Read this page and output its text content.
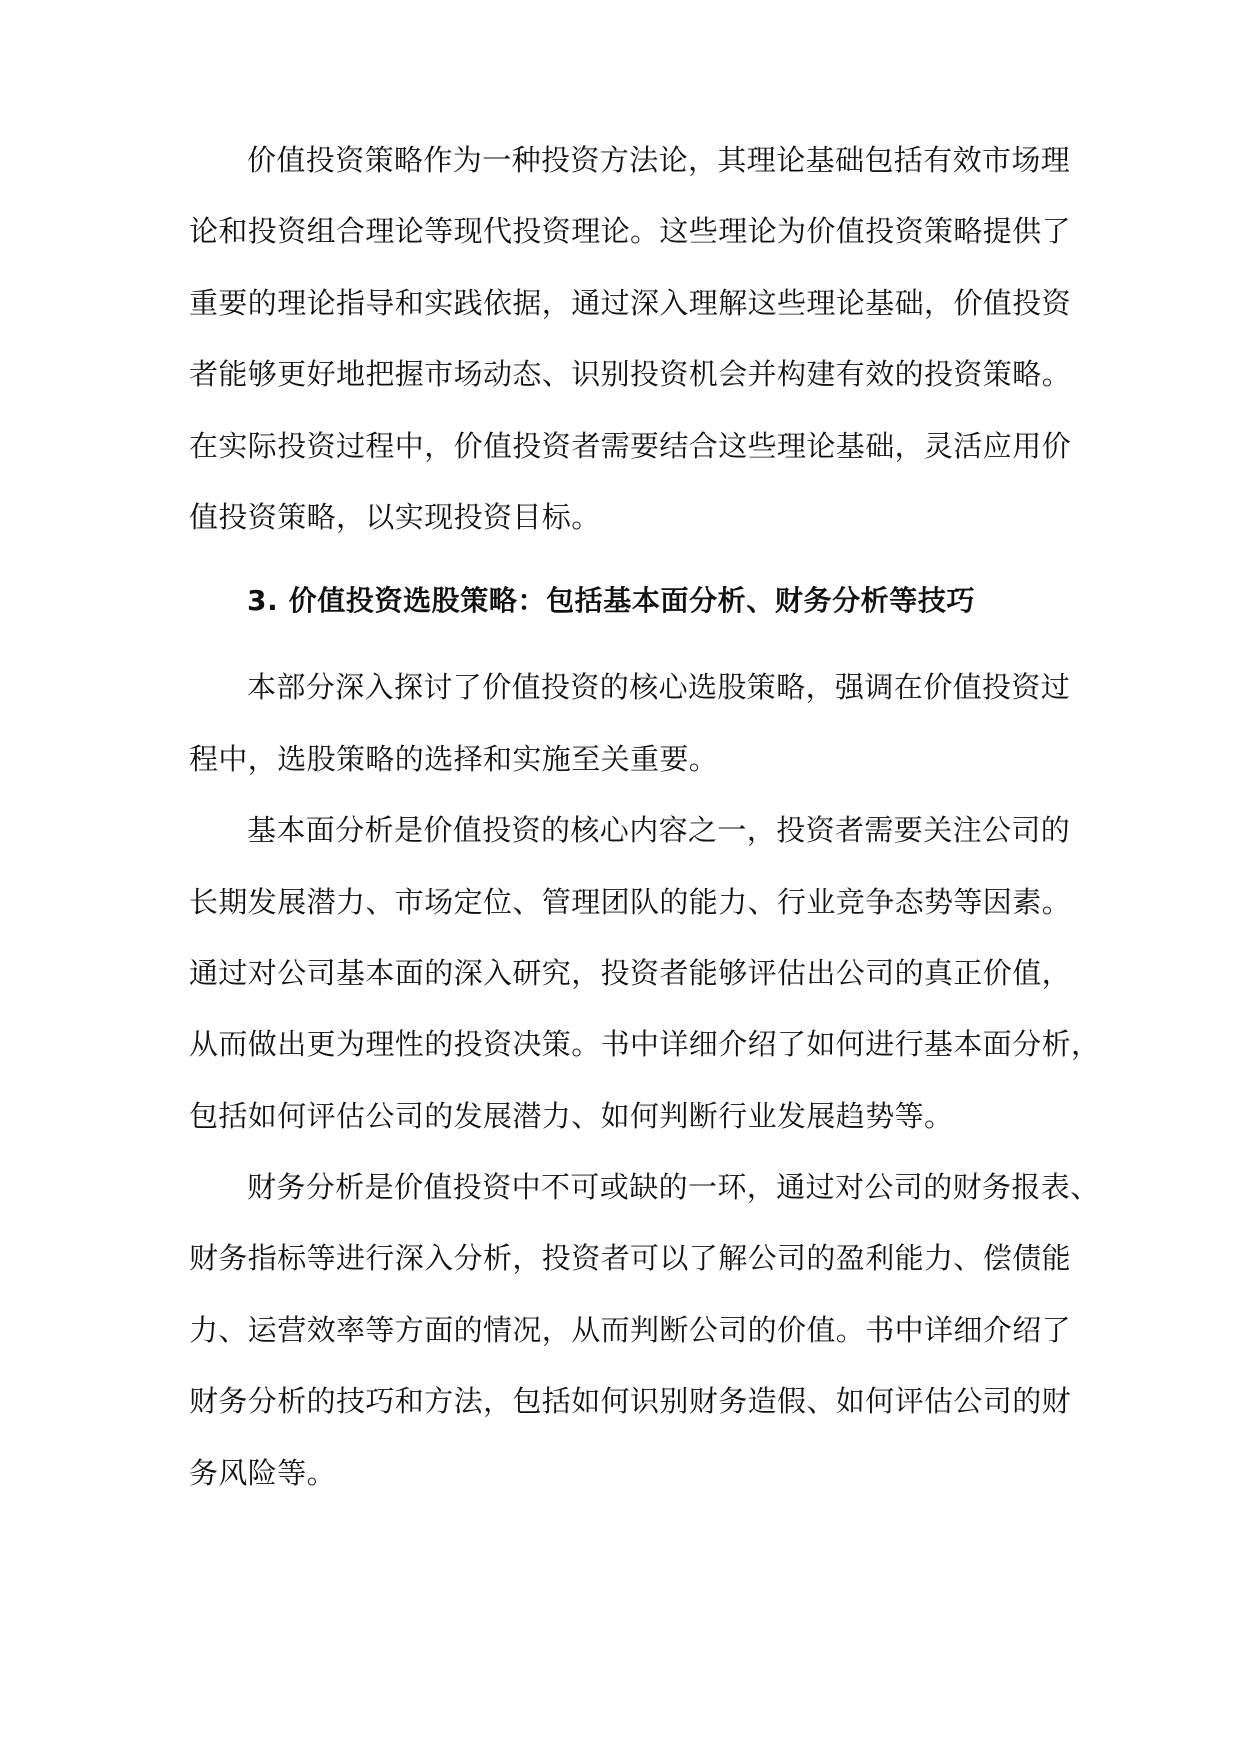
价值投资策略作为一种投资方法论，其理论基础包括有效市场理
论和投资组合理论等现代投资理论。这些理论为价值投资策略提供了
重要的理论指导和实践依据，通过深入理解这些理论基础，价值投资
者能够更好地把握市场动态、识别投资机会并构建有效的投资策略。
在实际投资过程中，价值投资者需要结合这些理论基础，灵活应用价
值投资策略，以实现投资目标。
3. 价值投资选股策略：包括基本面分析、财务分析等技巧
本部分深入探讨了价值投资的核心选股策略，强调在价值投资过
程中，选股策略的选择和实施至关重要。
基本面分析是价值投资的核心内容之一，投资者需要关注公司的
长期发展潜力、市场定位、管理团队的能力、行业竞争态势等因素。
通过对公司基本面的深入研究，投资者能够评估出公司的真正价值，
从而做出更为理性的投资决策。书中详细介绍了如何进行基本面分析，
包括如何评估公司的发展潜力、如何判断行业发展趋势等。
财务分析是价值投资中不可或缺的一环，通过对公司的财务报表、
财务指标等进行深入分析，投资者可以了解公司的盈利能力、偿债能
力、运营效率等方面的情况，从而判断公司的价值。书中详细介绍了
财务分析的技巧和方法，包括如何识别财务造假、如何评估公司的财
务风险等。
